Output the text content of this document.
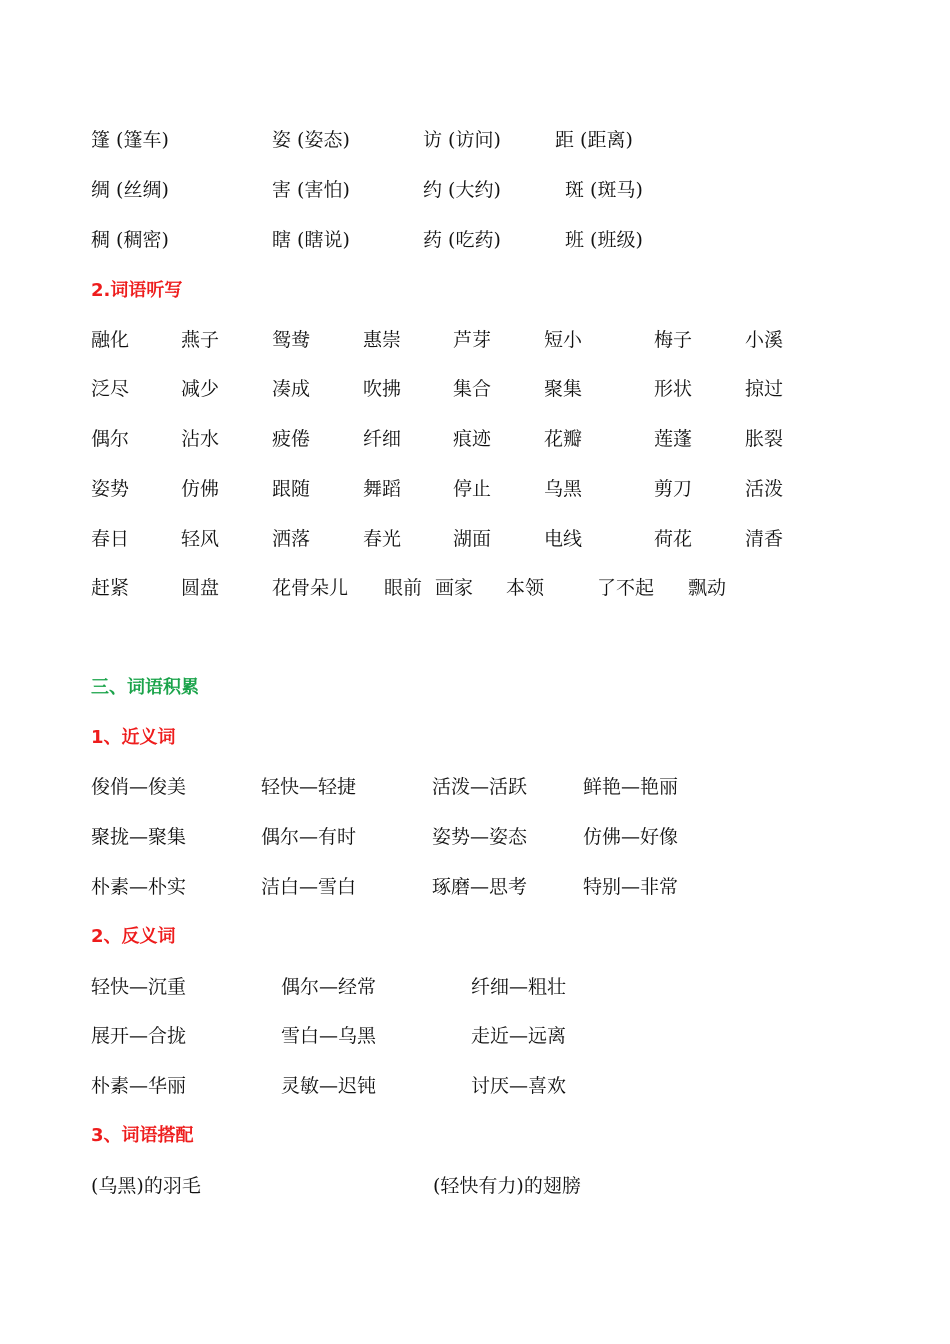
篷 (篷车)	姿 (姿态)	访 (访问)	距 (距离)
绸 (丝绸)	害 (害怕)	约 (大约)	斑 (斑马)
稠 (稠密)	瞎 (瞎说)	药 (吃药)	班 (班级)
2.词语听写
融化	燕子	鸳鸯	惠崇	芦芽	短小	梅子	小溪
泛尽	减少	凑成	吹拂	集合	聚集	形状	掠过
偶尔	沾水	疲倦	纤细	痕迹	花瓣	莲蓬	胀裂
姿势	仿佛	跟随	舞蹈	停止	乌黑	剪刀	活泼
春日	轻风	洒落	春光	湖面	电线	荷花	清香
赶紧	圆盘	花骨朵儿 眼前 画家 本领	了不起 飘动
三、词语积累
1、近义词
俊俏—俊美	轻快—轻捷	活泼—活跃	鲜艳—艳丽
聚拢—聚集	偶尔—有时	姿势—姿态	仿佛—好像
朴素—朴实	洁白—雪白	琢磨—思考	特别—非常
2、反义词
轻快—沉重	偶尔—经常	纤细—粗壮
展开—合拢	雪白—乌黑	走近—远离
朴素—华丽	灵敏—迟钝	讨厌—喜欢
3、词语搭配
(乌黑)的羽毛	(轻快有力)的翅膀
